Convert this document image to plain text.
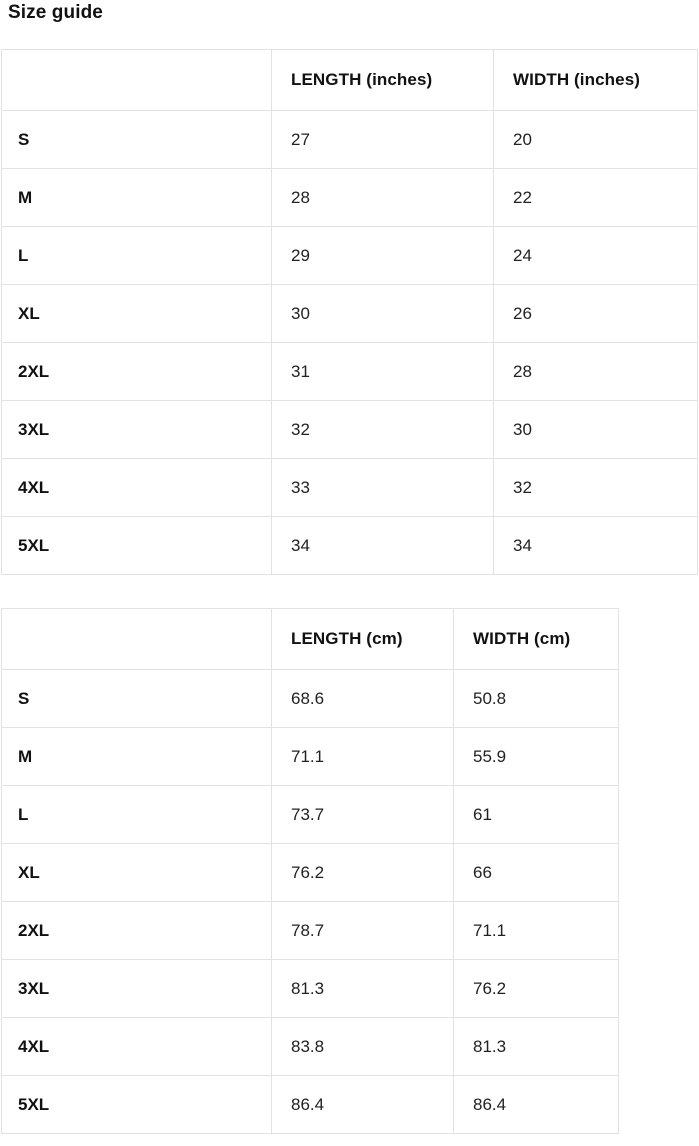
Size guide
	LENGTH (inches)	WIDTH (inches)
S	27	20
M	28	22
L	29	24
XL	30	26
2XL	31	28
3XL	32	30
4XL	33	32
5XL	34	34
	LENGTH (cm)	WIDTH (cm)
S	68.6	50.8
M	71.1	55.9
L	73.7	61
XL	76.2	66
2XL	78.7	71.1
3XL	81.3	76.2
4XL	83.8	81.3
5XL	86.4	86.4
